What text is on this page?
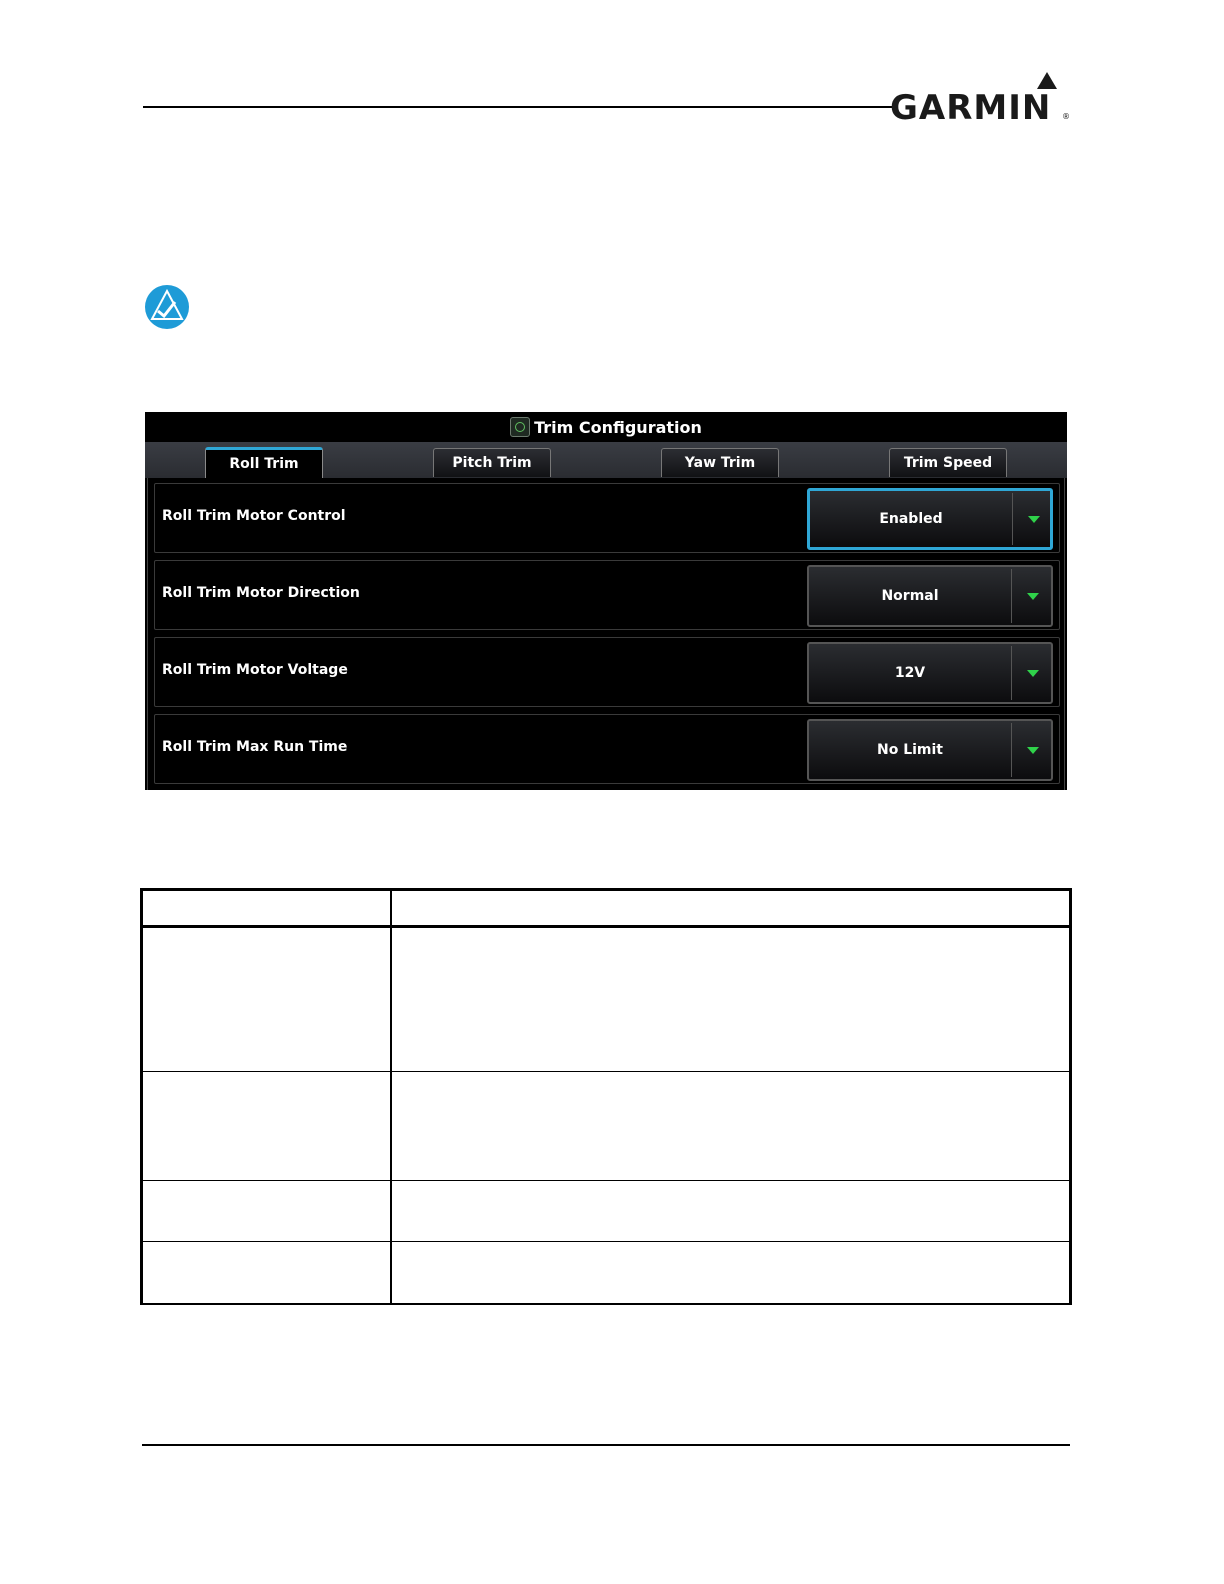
GARMIN ®
Trim Configuration
Roll Trim	Pitch Trim	Yaw Trim	Trim Speed
Roll Trim Motor Control	Enabled
Roll Trim Motor Direction	Normal
Roll Trim Motor Voltage	12V
Roll Trim Max Run Time	No Limit
